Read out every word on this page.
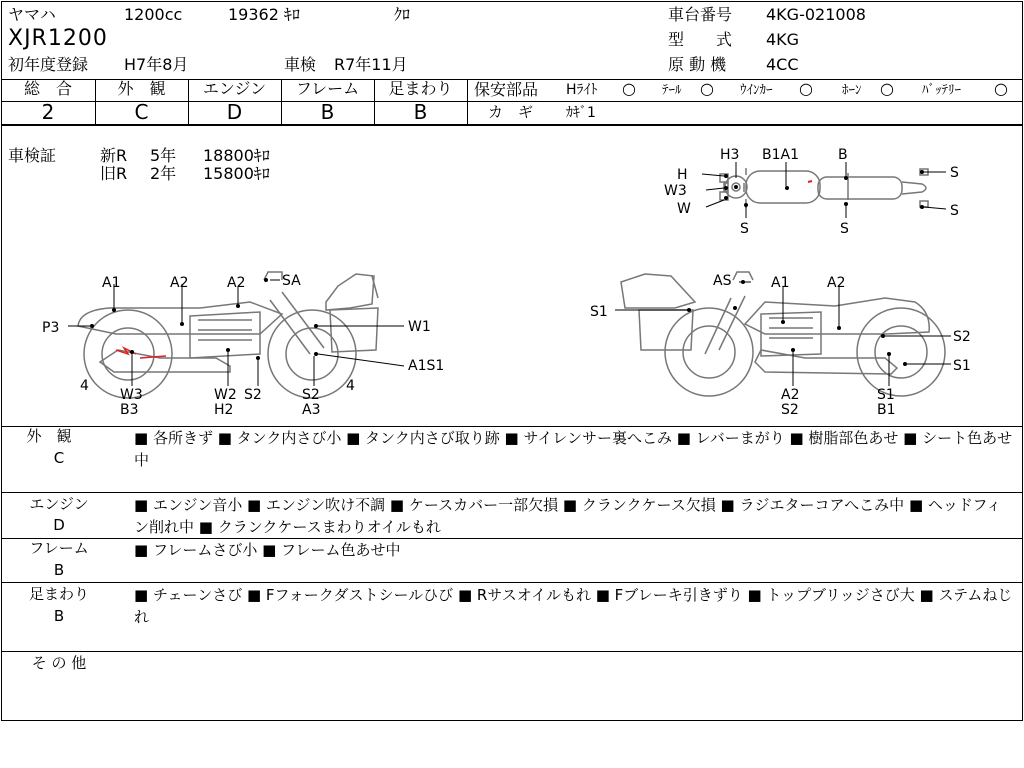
ヤマハ	1200cc	19362 ｷﾛ	ｸﾛ
XJR1200
初年度登録 H7年8月	車検 R7年11月
車台番号 4KG-021008
型　　式 4KG
原 動 機 4CC
総　合	外　観	エンジン	フレーム	足まわり
2	C	D	B	B
保安部品 Hﾗｲﾄ ○ ﾃｰﾙ ○ ｳｲﾝｶｰ ○ ﾎｰﾝ ○ ﾊﾞｯﾃﾘｰ ○
カ　ギ ｶｷﾞ1
車検証	新R 5年 18800ｷﾛ
旧R 2年 15800ｷﾛ
H3 B1A1	B
H
W3
W
S	S
S
S
A1	A2	A2	SA
P3	W1
A1S1
4	4
W3
B3
W2
H2
S2	S2
A3
AS	A1	A2
S1
S2
S1
A2
S2
S1
B1
外　観
C
■ 各所きず ■ タンク内さび小 ■ タンク内さび取り跡 ■ サイレンサー裏へこみ ■ レバーまがり ■ 樹脂部色あせ ■ シート色あせ中
エンジン
D
■ エンジン音小 ■ エンジン吹け不調 ■ ケースカバー一部欠損 ■ クランクケース欠損 ■ ラジエターコアへこみ中 ■ ヘッドフィン削れ中 ■ クランクケースまわりオイルもれ
フレーム
B
■ フレームさび小 ■ フレーム色あせ中
足まわり
B
■ チェーンさび ■ Fフォークダストシールひび ■ Rサスオイルもれ ■ Fブレーキ引きずり ■ トップブリッジさび大 ■ ステムねじれ
そ の 他
